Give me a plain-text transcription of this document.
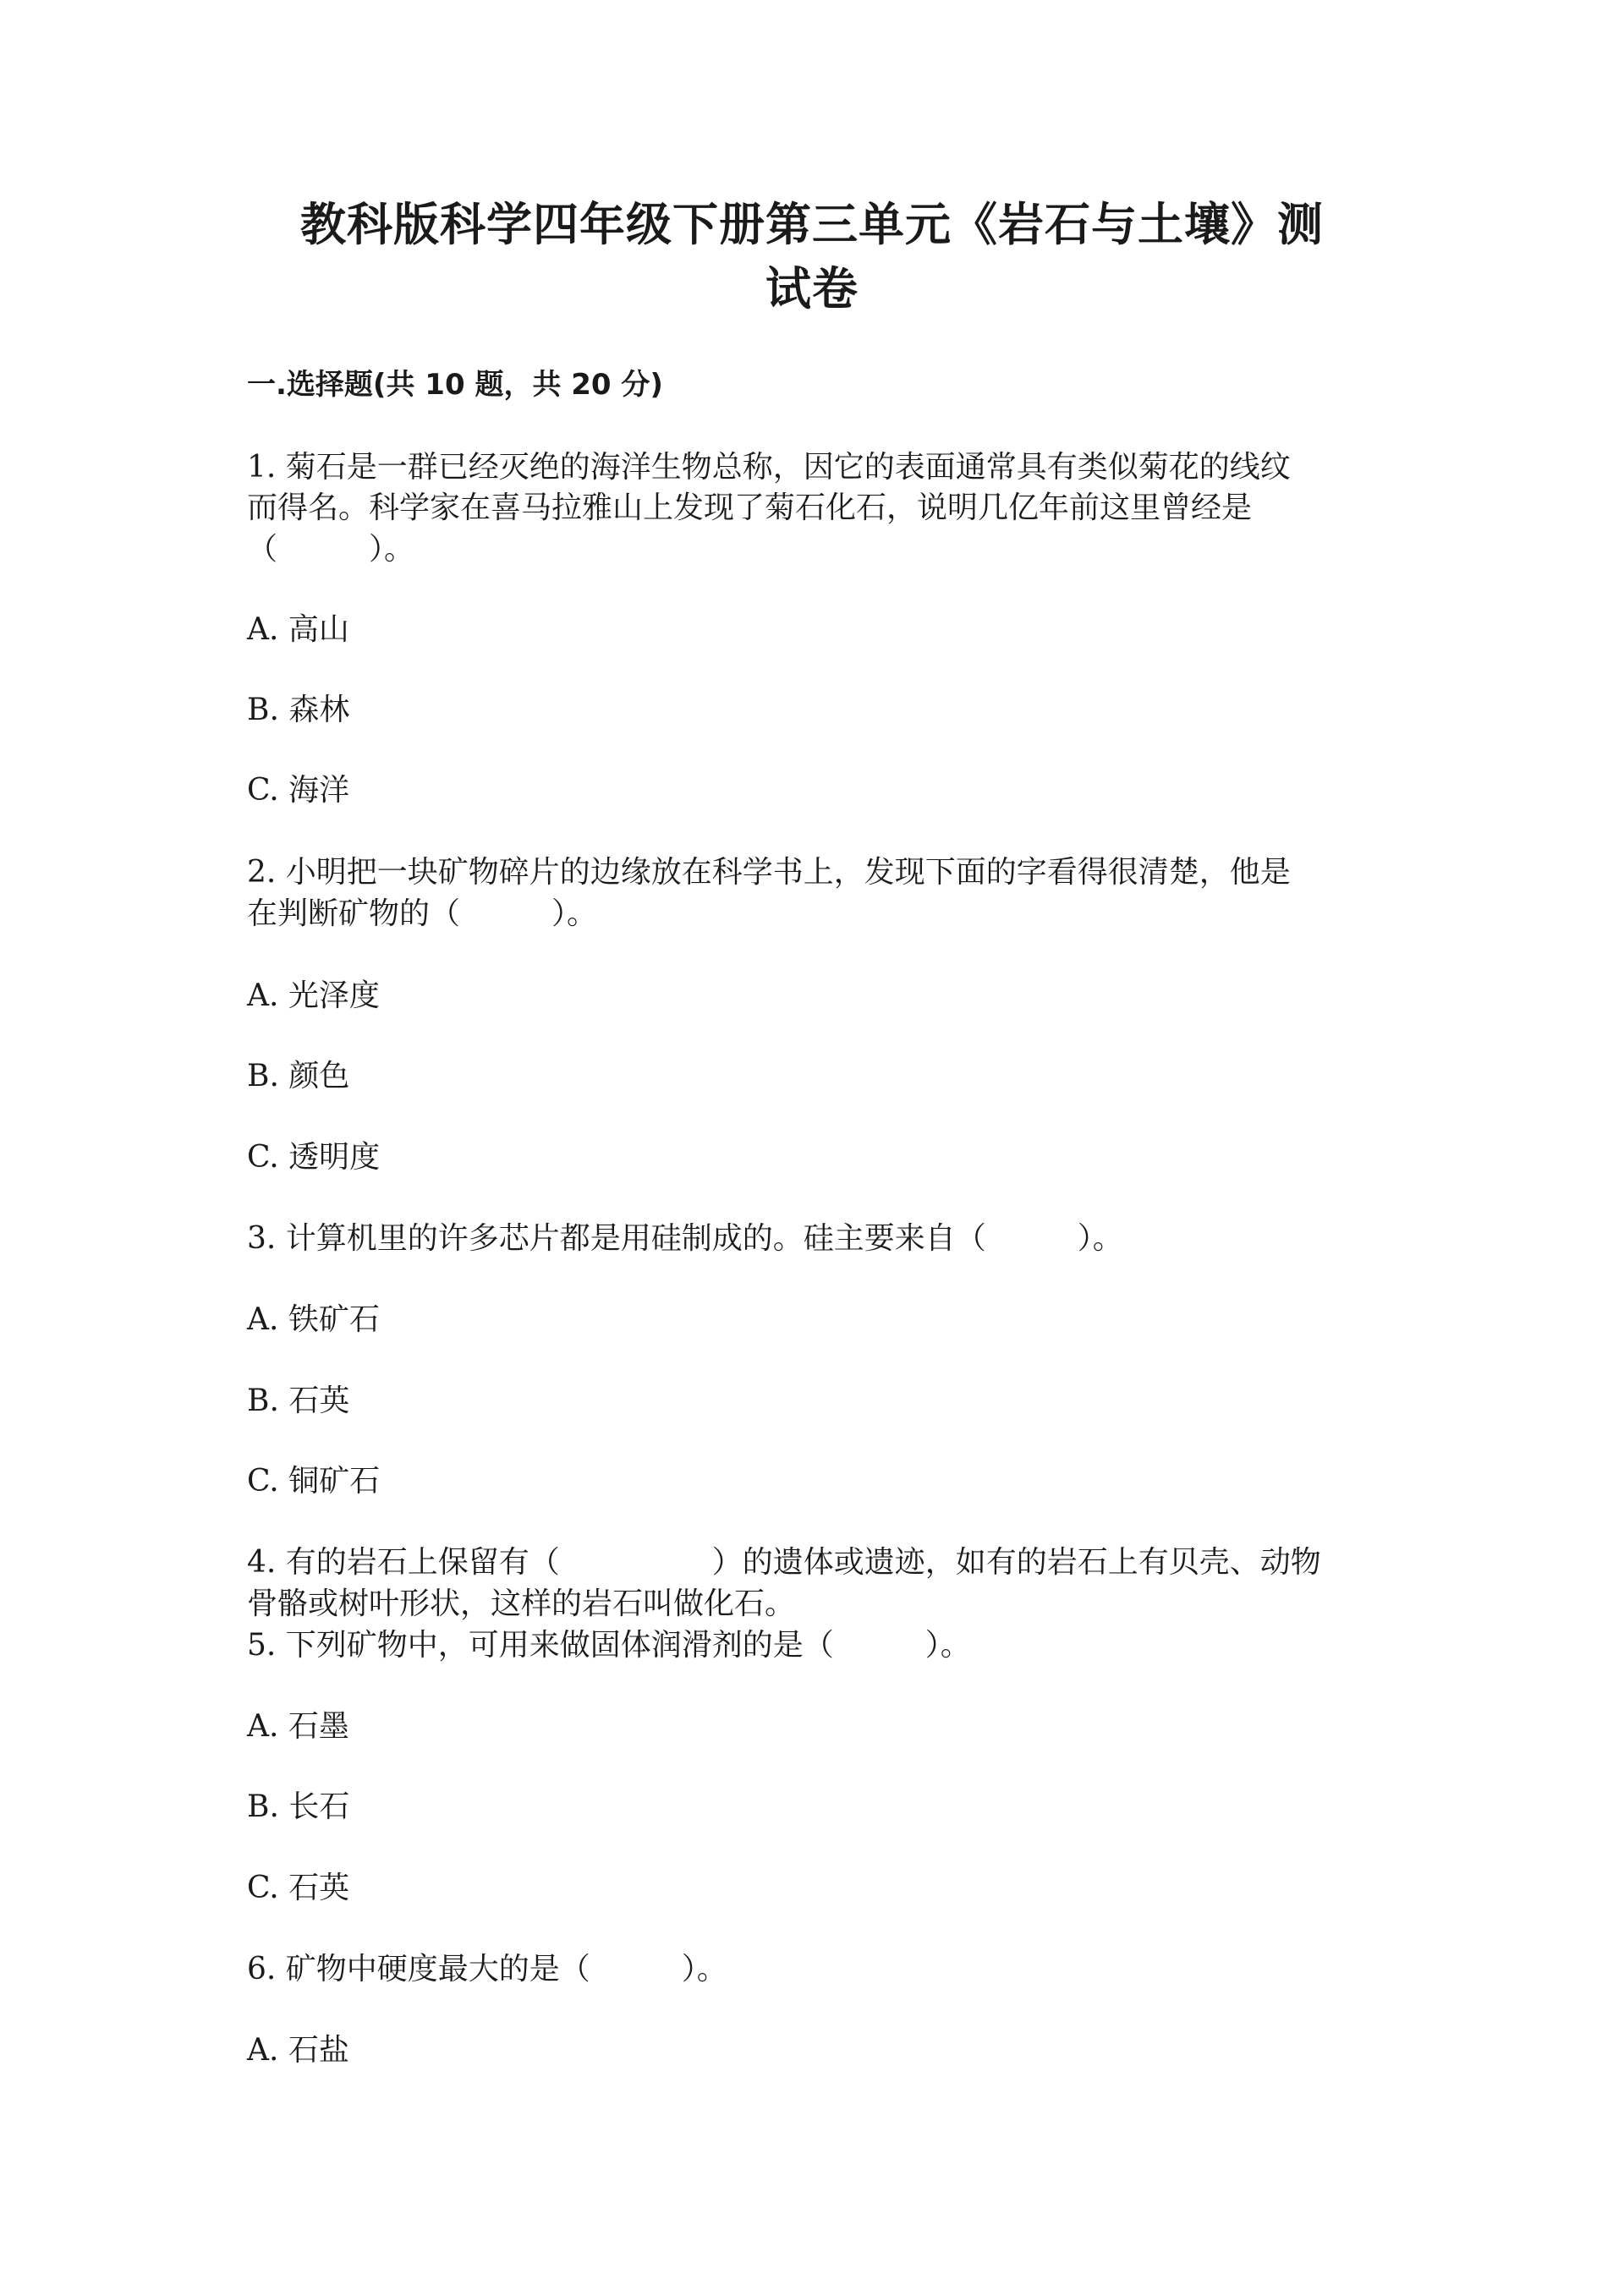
教科版科学四年级下册第三单元《岩石与土壤》测
试卷
一.选择题(共 10 题，共 20 分)
1. 菊石是一群已经灭绝的海洋生物总称，因它的表面通常具有类似菊花的线纹
而得名。科学家在喜马拉雅山上发现了菊石化石，说明几亿年前这里曾经是
（　　　）。
A. 高山
B. 森林
C. 海洋
2. 小明把一块矿物碎片的边缘放在科学书上，发现下面的字看得很清楚，他是
在判断矿物的（　　　）。
A. 光泽度
B. 颜色
C. 透明度
3. 计算机里的许多芯片都是用硅制成的。硅主要来自（　　　）。
A. 铁矿石
B. 石英
C. 铜矿石
4. 有的岩石上保留有（　　　　　）的遗体或遗迹，如有的岩石上有贝壳、动物
骨骼或树叶形状，这样的岩石叫做化石。
5. 下列矿物中，可用来做固体润滑剂的是（　　　）。
A. 石墨
B. 长石
C. 石英
6. 矿物中硬度最大的是（　　　）。
A. 石盐
